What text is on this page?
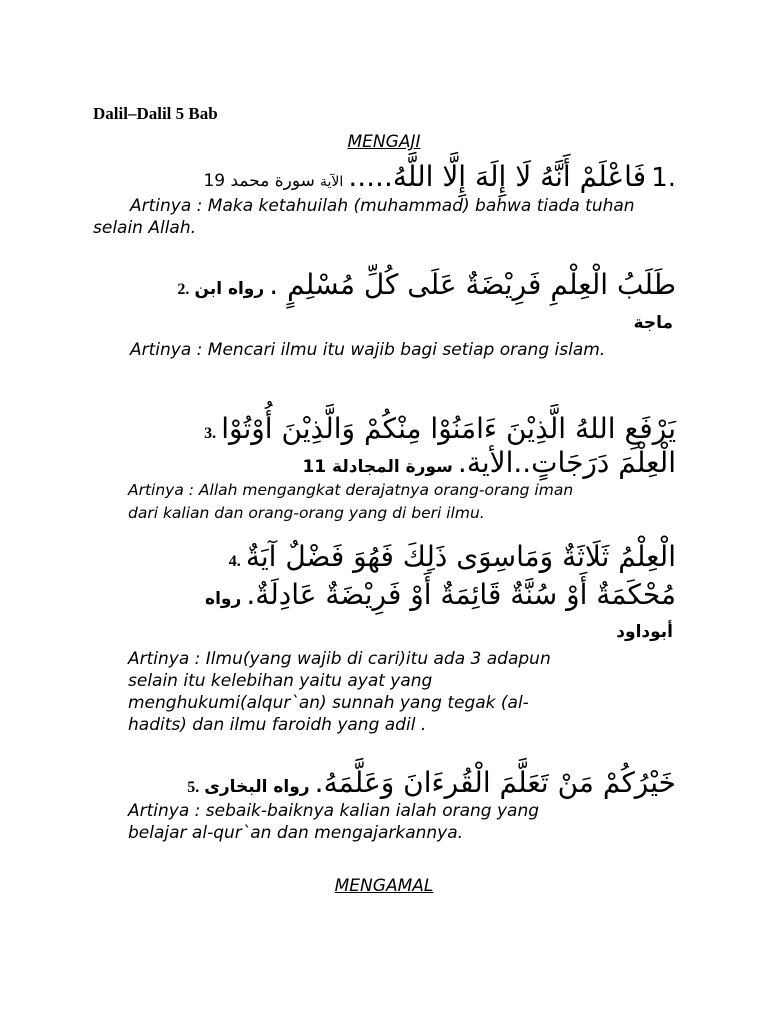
Dalil–Dalil 5 Bab
MENGAJI
1. فَاعْلَمْ أَنَّهُ لَا إِلَهَ إِلَّا اللَّهُ..... الآية سورة محمد 19
Artinya : Maka ketahuilah (muhammad) bahwa tiada tuhan selain Allah.
طَلَبُ الْعِلْمِ فَرِيْضَةٌ عَلَى كُلِّ مُسْلِمٍ . رواه ابن 2.
ماجة
Artinya : Mencari ilmu itu wajib bagi setiap orang islam.
يَرْفَعِ اللهُ الَّذِيْنَ ءَامَنُوْا مِنْكُمْ وَالَّذِيْنَ أُوْتُوْا 3.
الْعِلْمَ دَرَجَاتٍ..الأية. سورة المجادلة 11
Artinya : Allah mengangkat derajatnya orang-orang iman
dari kalian dan orang-orang yang di beri ilmu.
الْعِلْمُ ثَلَاثَةٌ وَمَاسِوَى ذَلِكَ فَهُوَ فَضْلٌ آيَةٌ 4.
مُحْكَمَةٌ أَوْ سُنَّةٌ قَائِمَةٌ أَوْ فَرِيْضَةٌ عَادِلَةٌ. رواه
أبوداود
Artinya : Ilmu(yang wajib di cari)itu ada 3 adapun
selain itu kelebihan yaitu ayat yang
menghukumi(alqur`an) sunnah yang tegak (al-
hadits) dan ilmu faroidh yang adil .
خَيْرُكُمْ مَنْ تَعَلَّمَ الْقُرءَانَ وَعَلَّمَهُ. رواه البخارى 5.
Artinya : sebaik-baiknya kalian ialah orang yang
belajar al-qur`an dan mengajarkannya.
MENGAMAL
